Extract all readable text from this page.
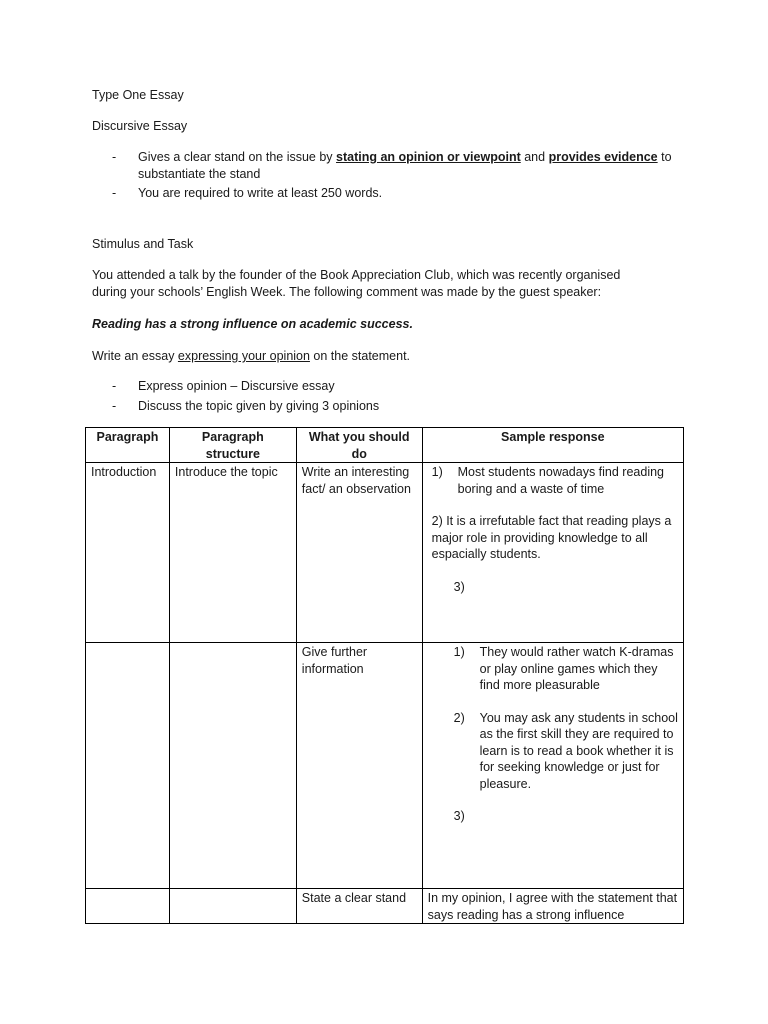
Type One Essay
Discursive Essay
- Gives a clear stand on the issue by stating an opinion or viewpoint and provides evidence to substantiate the stand
- You are required to write at least 250 words.
Stimulus and Task
You attended a talk by the founder of the Book Appreciation Club, which was recently organised
during your schools’ English Week. The following comment was made by the guest speaker:
Reading has a strong influence on academic success.
Write an essay expressing your opinion on the statement.
- Express opinion – Discursive essay
- Discuss the topic given by giving 3 opinions
Paragraph	Paragraph structure	What you should do	Sample response
Introduction	Introduce the topic	Write an interesting fact/ an observation	1) Most students nowadays find reading boring and a waste of time
2) It is a irrefutable fact that reading plays a major role in providing knowledge to all espacially students.
3)

		Give further information	1) They would rather watch K-dramas or play online games which they find more pleasurable
2) You may ask any students in school as the first skill they are required to learn is to read a book whether it is for seeking knowledge or just for pleasure.
3)

		State a clear stand	In my opinion, I agree with the statement that says reading has a strong influence
